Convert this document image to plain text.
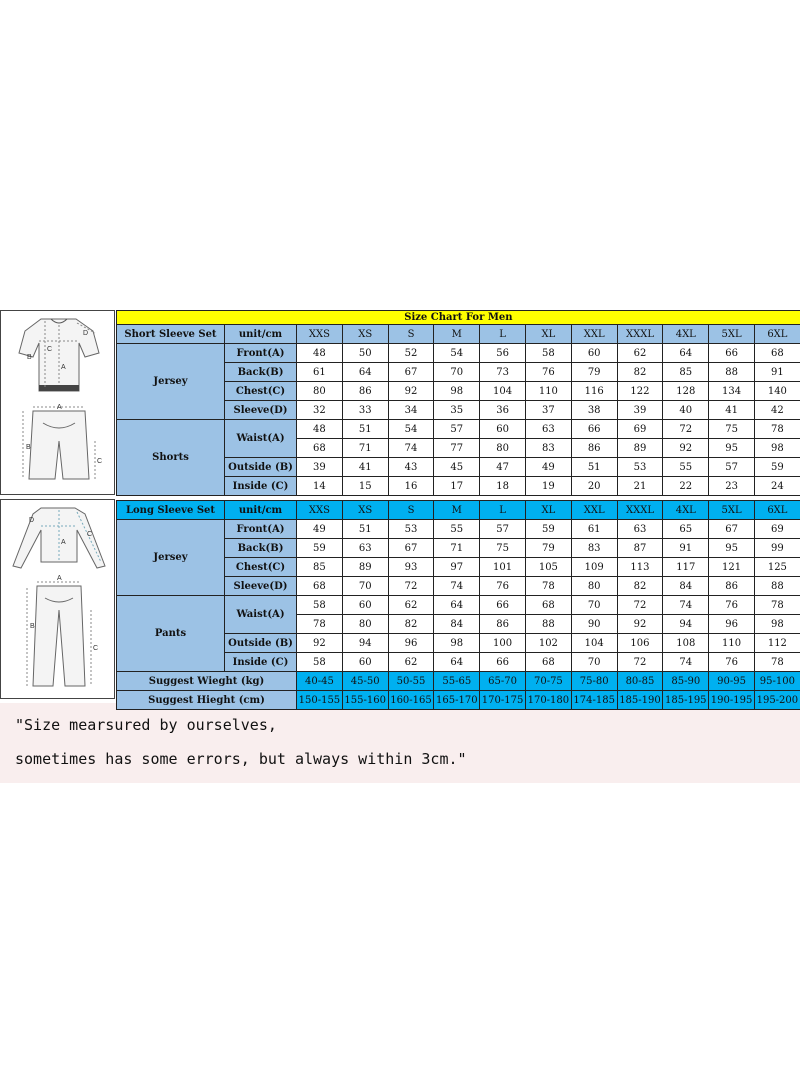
"Size mearsured by ourselves,
sometimes has some errors, but always within 3cm."
A
B
C
D
A
B
C
D
A
C
A
B
C
Size Chart For Men												
Short Sleeve Set	unit/cm	XXS	XS	S	M	L	XL	XXL	XXXL	4XL	5XL	6XL
Jersey	Front(A)	48	50	52	54	56	58	60	62	64	66	68
	Back(B)	61	64	67	70	73	76	79	82	85	88	91
	Chest(C)	80	86	92	98	104	110	116	122	128	134	140
	Sleeve(D)	32	33	34	35	36	37	38	39	40	41	42
Shorts	Waist(A)	48	51	54	57	60	63	66	69	72	75	78
		68	71	74	77	80	83	86	89	92	95	98
	Outside (B)	39	41	43	45	47	49	51	53	55	57	59
	Inside (C)	14	15	16	17	18	19	20	21	22	23	24

Long Sleeve Set	unit/cm	XXS	XS	S	M	L	XL	XXL	XXXL	4XL	5XL	6XL
Jersey	Front(A)	49	51	53	55	57	59	61	63	65	67	69
	Back(B)	59	63	67	71	75	79	83	87	91	95	99
	Chest(C)	85	89	93	97	101	105	109	113	117	121	125
	Sleeve(D)	68	70	72	74	76	78	80	82	84	86	88
Pants	Waist(A)	58	60	62	64	66	68	70	72	74	76	78
		78	80	82	84	86	88	90	92	94	96	98
	Outside (B)	92	94	96	98	100	102	104	106	108	110	112
	Inside (C)	58	60	62	64	66	68	70	72	74	76	78
Suggest Wieght (kg)		40-45	45-50	50-55	55-65	65-70	70-75	75-80	80-85	85-90	90-95	95-100
Suggest Hieght (cm)		150-155	155-160	160-165	165-170	170-175	170-180	174-185	185-190	185-195	190-195	195-200
